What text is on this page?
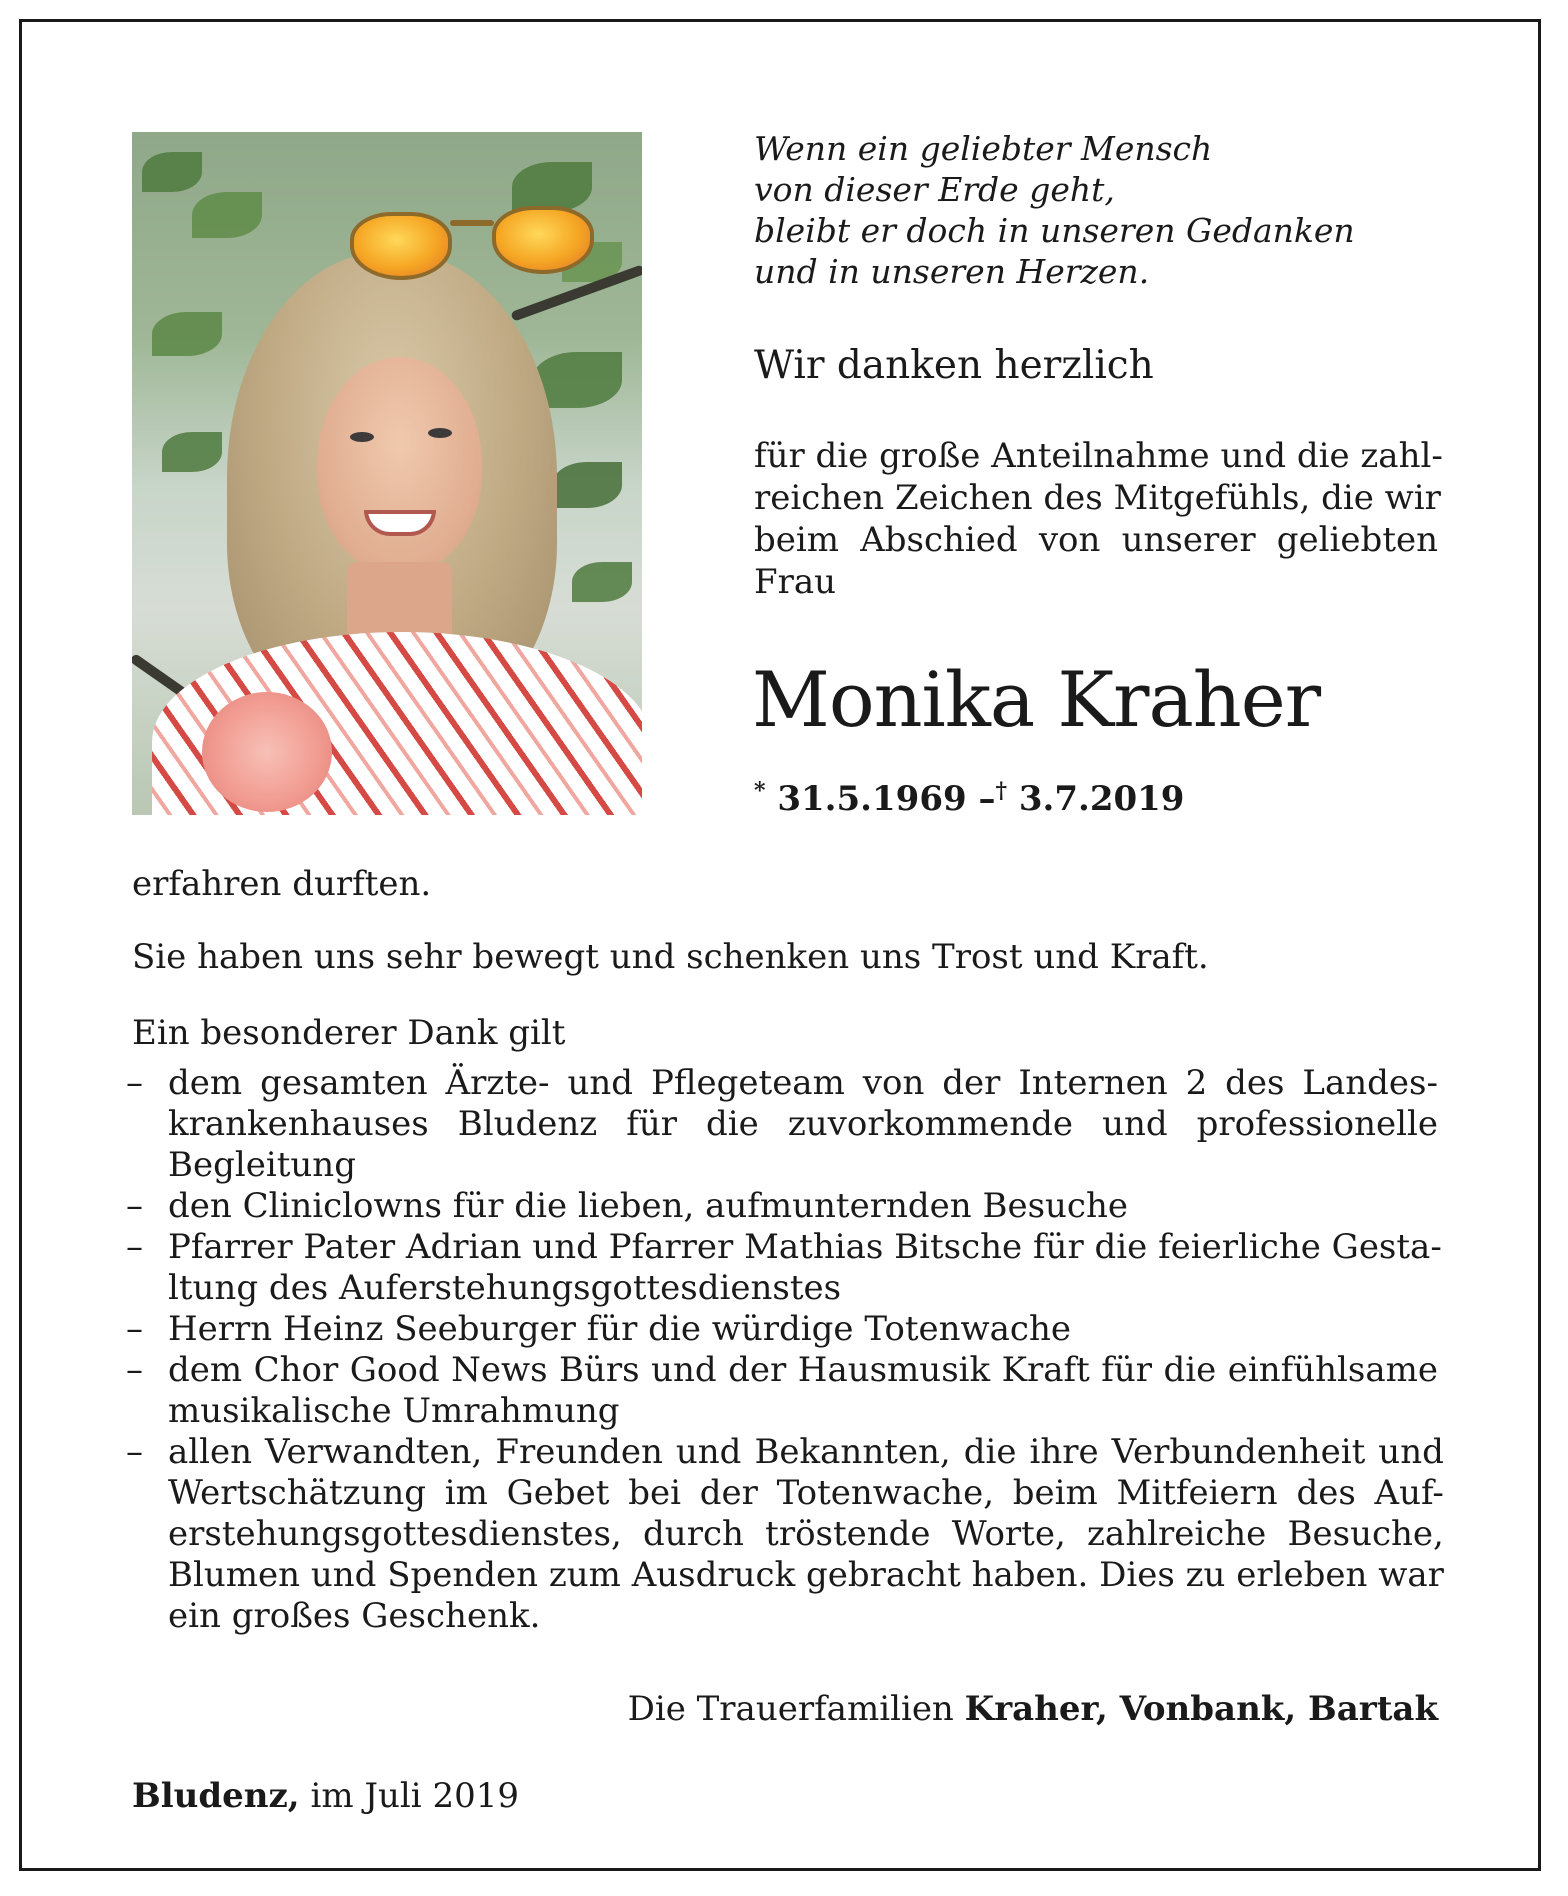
Wenn ein geliebter Mensch
von dieser Erde geht,
bleibt er doch in unseren Gedanken
und in unseren Herzen.
Wir danken herzlich
für die große Anteilnahme und die zahl-
reichen Zeichen des Mitgefühls, die wir
beim Abschied von unserer geliebten
Frau
Monika Kraher
* 31.5.1969 –† 3.7.2019
erfahren durften.
Sie haben uns sehr bewegt und schenken uns Trost und Kraft.
Ein besonderer Dank gilt
– dem gesamten Ärzte- und Pflegeteam von der Internen 2 des Landes-
krankenhauses Bludenz für die zuvorkommende und professionelle
Begleitung
– den Cliniclowns für die lieben, aufmunternden Besuche
– Pfarrer Pater Adrian und Pfarrer Mathias Bitsche für die feierliche Gesta-
ltung des Auferstehungsgottesdienstes
– Herrn Heinz Seeburger für die würdige Totenwache
– dem Chor Good News Bürs und der Hausmusik Kraft für die einfühlsame
musikalische Umrahmung
– allen Verwandten, Freunden und Bekannten, die ihre Verbundenheit und
Wertschätzung im Gebet bei der Totenwache, beim Mitfeiern des Auf-
erstehungsgottesdienstes, durch tröstende Worte, zahlreiche Besuche,
Blumen und Spenden zum Ausdruck gebracht haben. Dies zu erleben war
ein großes Geschenk.
Die Trauerfamilien Kraher, Vonbank, Bartak
Bludenz, im Juli 2019
